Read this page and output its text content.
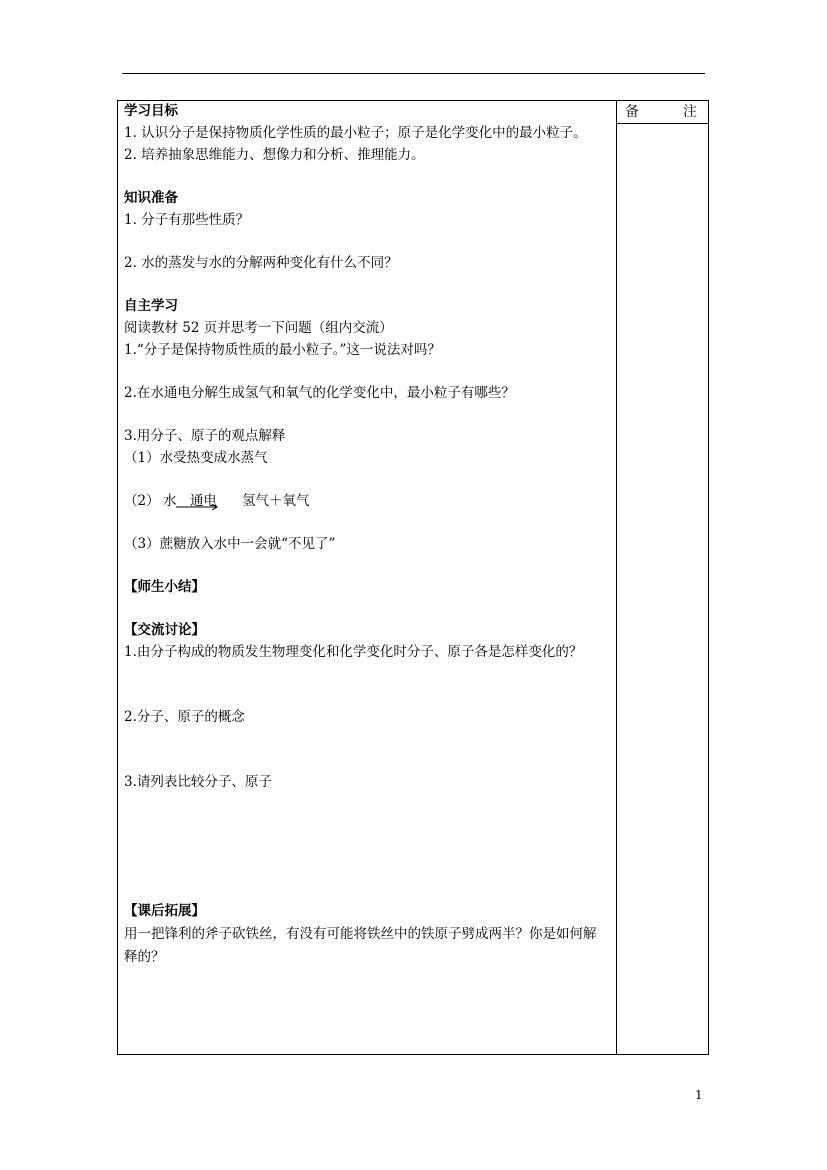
备	注
学习目标
1. 认识分子是保持物质化学性质的最小粒子；原子是化学变化中的最小粒子。
2. 培养抽象思维能力、想像力和分析、推理能力。
知识准备
1. 分子有那些性质？
2. 水的蒸发与水的分解两种变化有什么不同？
自主学习
阅读教材 52 页并思考一下问题（组内交流）
1.“分子是保持物质性质的最小粒子。”这一说法对吗？
2.在水通电分解生成氢气和氧气的化学变化中，最小粒子有哪些？
3.用分子、原子的观点解释
（1）水受热变成水蒸气
（2） 水 通电 → 氢气＋氧气
（3）蔗糖放入水中一会就“不见了”
【师生小结】
【交流讨论】
1.由分子构成的物质发生物理变化和化学变化时分子、原子各是怎样变化的？
2.分子、原子的概念
3.请列表比较分子、原子
【课后拓展】
用一把锋利的斧子砍铁丝，有没有可能将铁丝中的铁原子劈成两半？你是如何解释的？
1
